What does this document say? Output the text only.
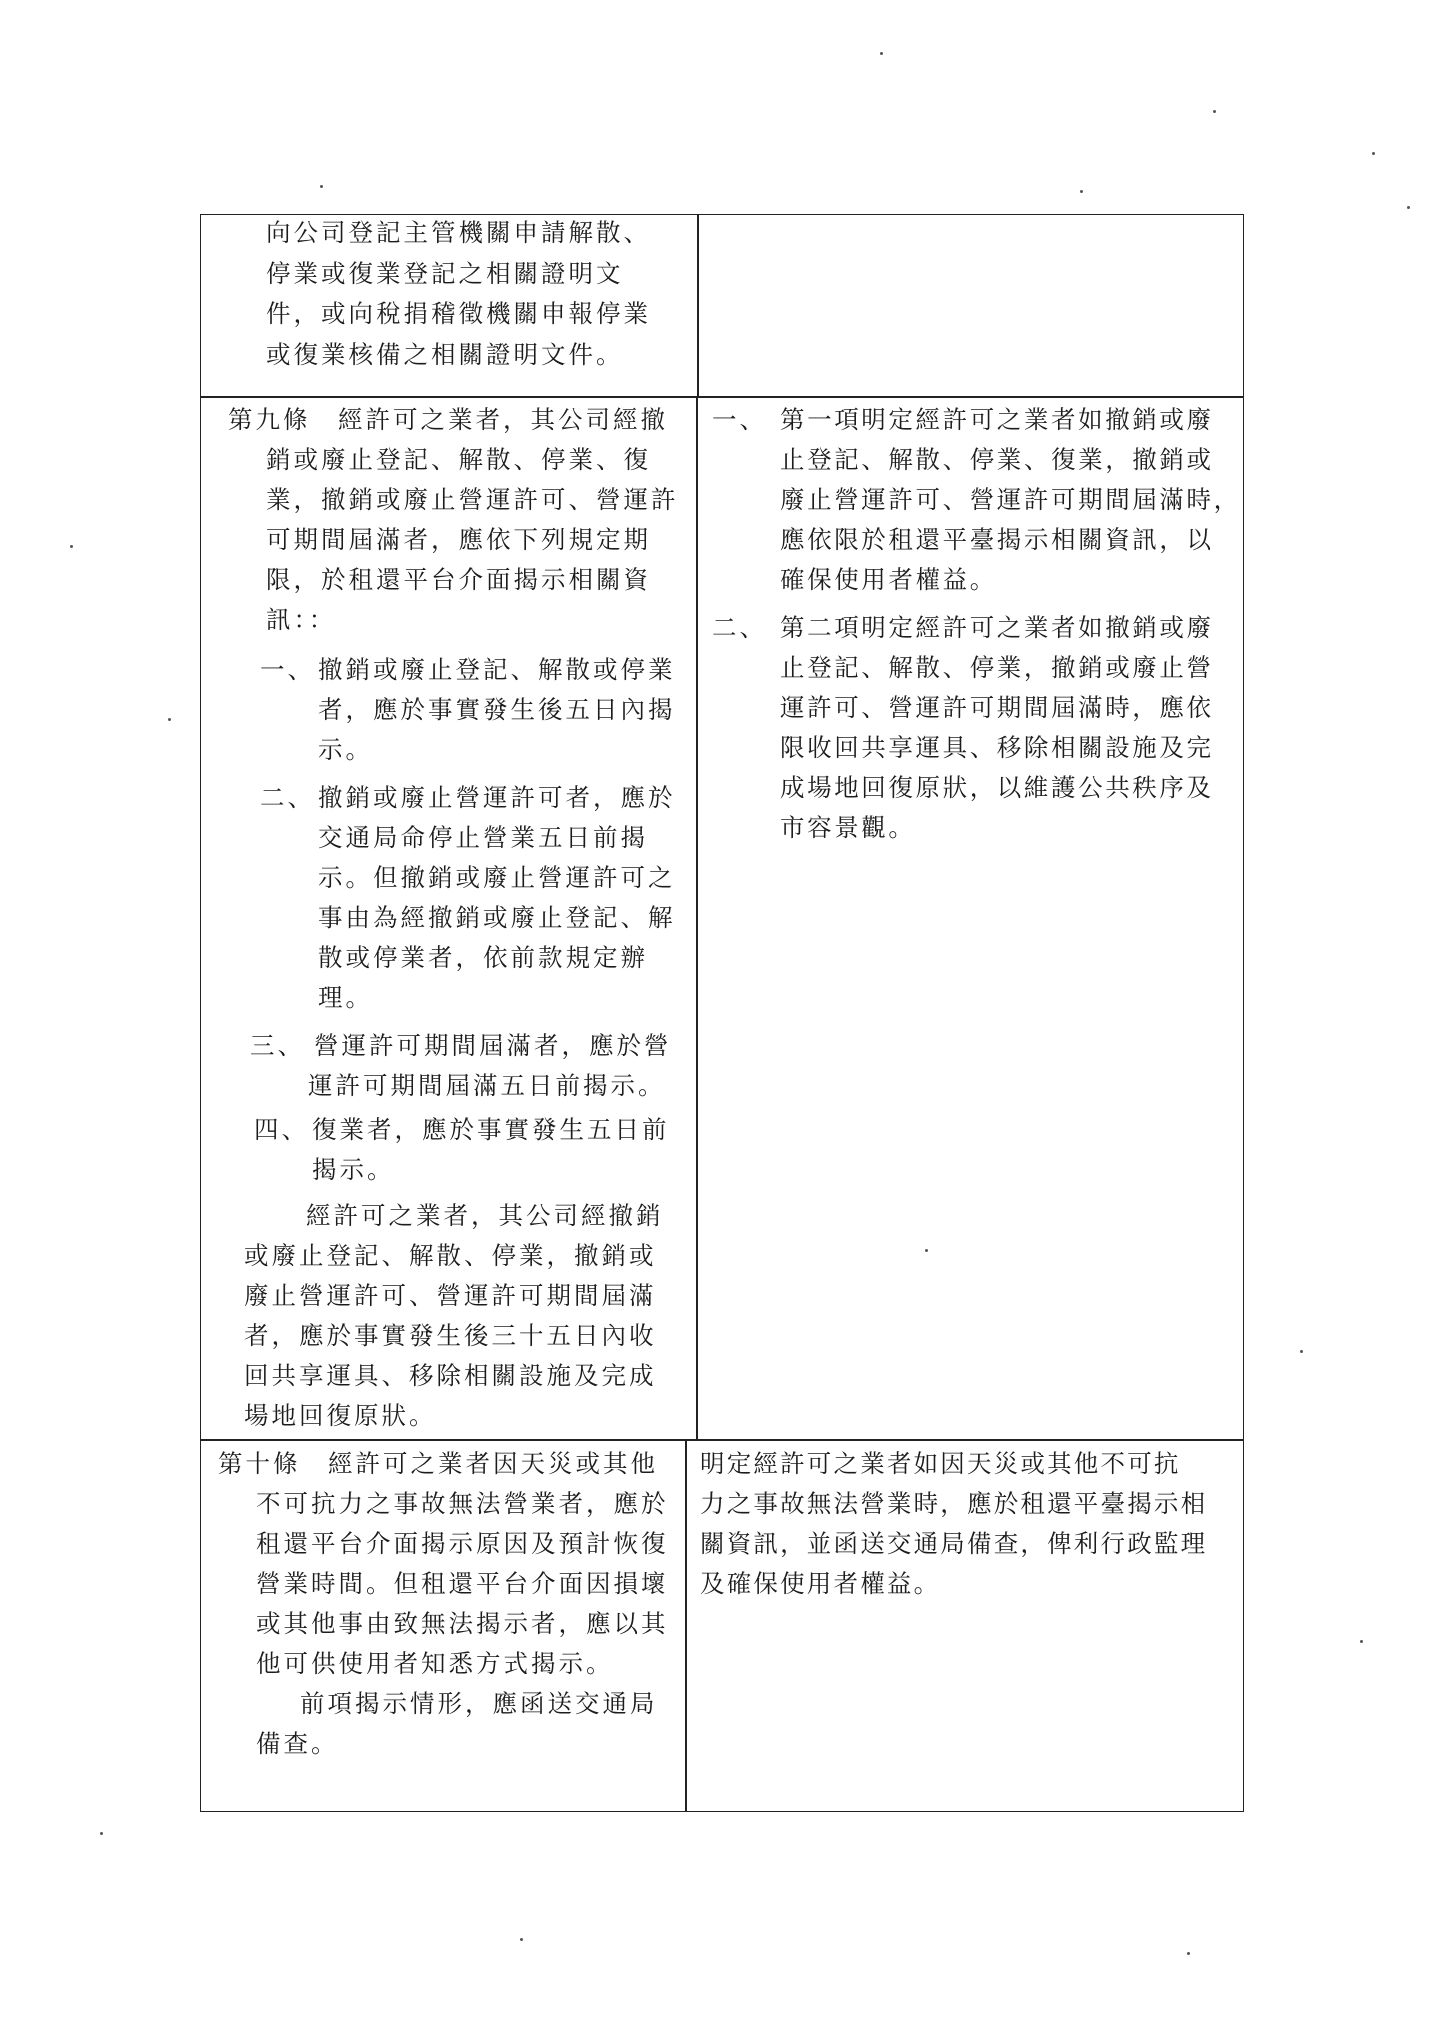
向公司登記主管機關申請解散、
停業或復業登記之相關證明文
件，或向稅捐稽徵機關申報停業
或復業核備之相關證明文件。
第九條　經許可之業者，其公司經撤
銷或廢止登記、解散、停業、復
業，撤銷或廢止營運許可、營運許
可期間屆滿者，應依下列規定期
限，於租還平台介面揭示相關資
訊：：
一、 撤銷或廢止登記、解散或停業
者，應於事實發生後五日內揭
示。
二、 撤銷或廢止營運許可者，應於
交通局命停止營業五日前揭
示。但撤銷或廢止營運許可之
事由為經撤銷或廢止登記、解
散或停業者，依前款規定辦
理。
三、 營運許可期間屆滿者，應於營
運許可期間屆滿五日前揭示。
四、 復業者，應於事實發生五日前
揭示。
經許可之業者，其公司經撤銷
或廢止登記、解散、停業，撤銷或
廢止營運許可、營運許可期間屆滿
者，應於事實發生後三十五日內收
回共享運具、移除相關設施及完成
場地回復原狀。
一、 第一項明定經許可之業者如撤銷或廢
止登記、解散、停業、復業，撤銷或
廢止營運許可、營運許可期間屆滿時，
應依限於租還平臺揭示相關資訊，以
確保使用者權益。
二、 第二項明定經許可之業者如撤銷或廢
止登記、解散、停業，撤銷或廢止營
運許可、營運許可期間屆滿時，應依
限收回共享運具、移除相關設施及完
成場地回復原狀，以維護公共秩序及
市容景觀。
第十條　經許可之業者因天災或其他
不可抗力之事故無法營業者，應於
租還平台介面揭示原因及預計恢復
營業時間。但租還平台介面因損壞
或其他事由致無法揭示者，應以其
他可供使用者知悉方式揭示。
前項揭示情形，應函送交通局
備查。
明定經許可之業者如因天災或其他不可抗
力之事故無法營業時，應於租還平臺揭示相
關資訊，並函送交通局備查，俾利行政監理
及確保使用者權益。
